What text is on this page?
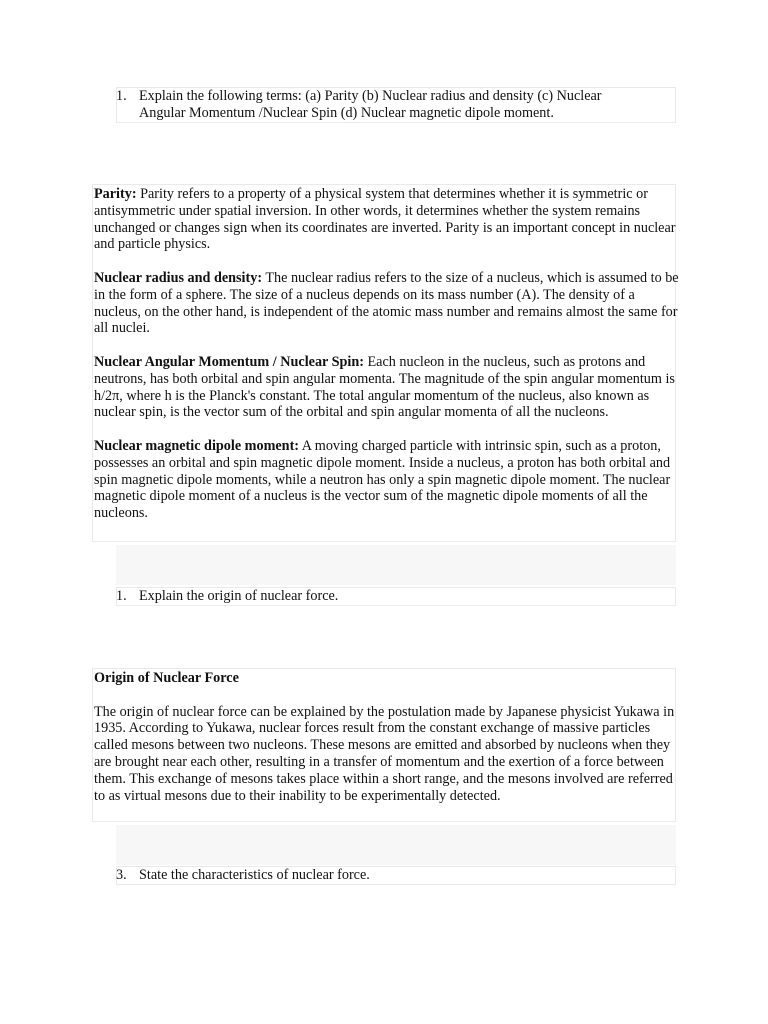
1. Explain the following terms: (a) Parity (b) Nuclear radius and density (c) Nuclear
Angular Momentum /Nuclear Spin (d) Nuclear magnetic dipole moment.

Parity: Parity refers to a property of a physical system that determines whether it is symmetric or antisymmetric under spatial inversion. In other words, it determines whether the system remains unchanged or changes sign when its coordinates are inverted. Parity is an important concept in nuclear and particle physics.

Nuclear radius and density: The nuclear radius refers to the size of a nucleus, which is assumed to be in the form of a sphere. The size of a nucleus depends on its mass number (A). The density of a nucleus, on the other hand, is independent of the atomic mass number and remains almost the same for all nuclei.

Nuclear Angular Momentum / Nuclear Spin: Each nucleon in the nucleus, such as protons and neutrons, has both orbital and spin angular momenta. The magnitude of the spin angular momentum is h/2π, where h is the Planck's constant. The total angular momentum of the nucleus, also known as nuclear spin, is the vector sum of the orbital and spin angular momenta of all the nucleons.

Nuclear magnetic dipole moment: A moving charged particle with intrinsic spin, such as a proton, possesses an orbital and spin magnetic dipole moment. Inside a nucleus, a proton has both orbital and spin magnetic dipole moments, while a neutron has only a spin magnetic dipole moment. The nuclear magnetic dipole moment of a nucleus is the vector sum of the magnetic dipole moments of all the nucleons.

1. Explain the origin of nuclear force.

Origin of Nuclear Force

The origin of nuclear force can be explained by the postulation made by Japanese physicist Yukawa in 1935. According to Yukawa, nuclear forces result from the constant exchange of massive particles called mesons between two nucleons. These mesons are emitted and absorbed by nucleons when they are brought near each other, resulting in a transfer of momentum and the exertion of a force between them. This exchange of mesons takes place within a short range, and the mesons involved are referred to as virtual mesons due to their inability to be experimentally detected.

3. State the characteristics of nuclear force.
